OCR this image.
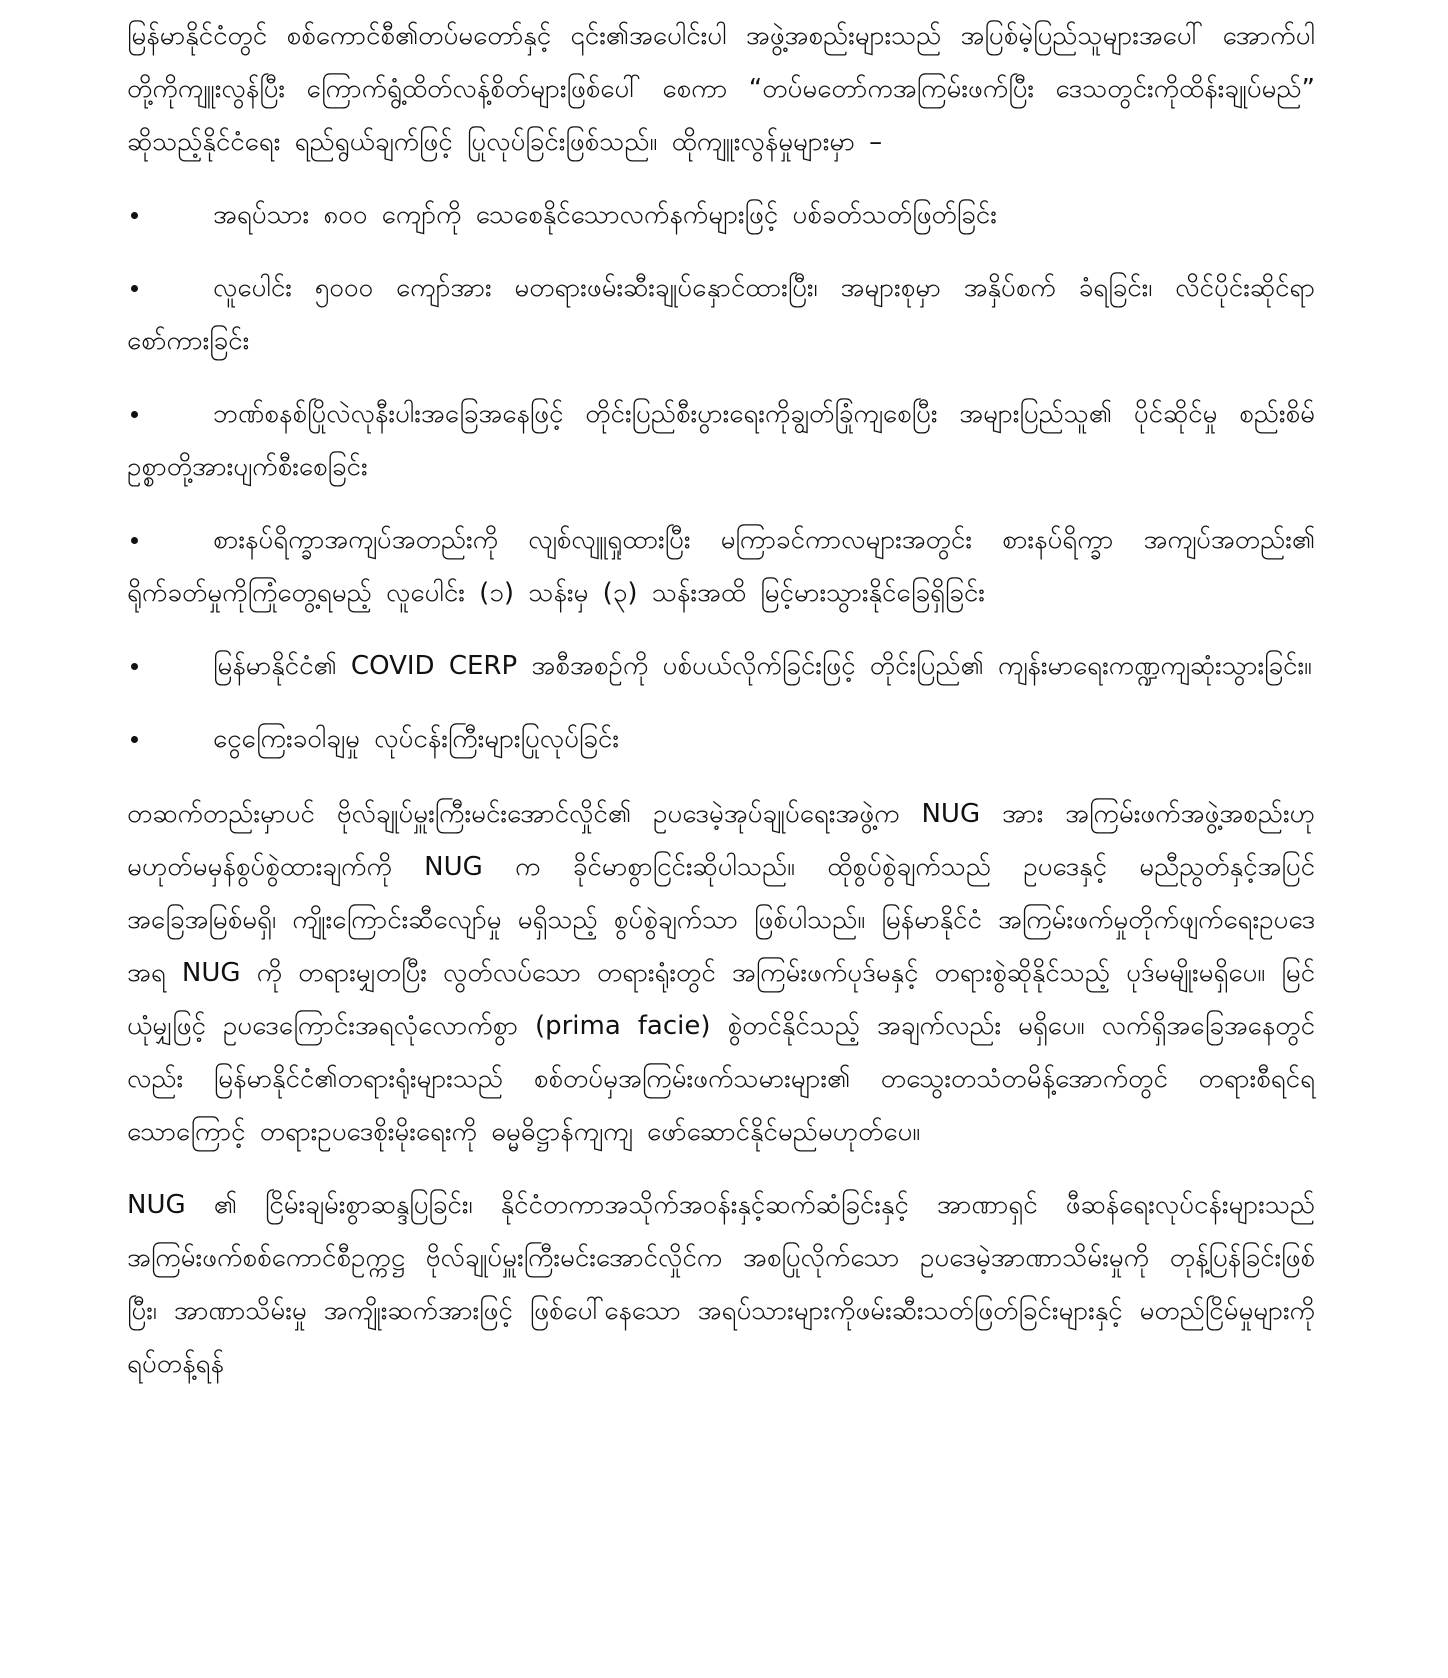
မြန်မာနိုင်ငံတွင် စစ်ကောင်စီ၏တပ်မတော်နှင့် ၎င်း၏အပေါင်းပါ အဖွဲ့အစည်းများသည် အပြစ်မဲ့ပြည်သူများအပေါ် အောက်ပါတို့ကိုကျူးလွန်ပြီး ကြောက်ရွံ့ထိတ်လန့်စိတ်များဖြစ်ပေါ် စေကာ “တပ်မတော်ကအကြမ်းဖက်ပြီး ဒေသတွင်းကိုထိန်းချုပ်မည်” ဆိုသည့်နိုင်ငံရေး ရည်ရွယ်ချက်ဖြင့် ပြုလုပ်ခြင်းဖြစ်သည်။ ထိုကျူးလွန်မှုများမှာ –

အရပ်သား ၈၀၀ ကျော်ကို သေစေနိုင်သောလက်နက်များဖြင့် ပစ်ခတ်သတ်ဖြတ်ခြင်း
လူပေါင်း ၅၀၀၀ ကျော်အား မတရားဖမ်းဆီးချုပ်နှောင်ထားပြီး၊ အများစုမှာ အနှိပ်စက် ခံရခြင်း၊ လိင်ပိုင်းဆိုင်ရာစော်ကားခြင်း
ဘဏ်စနစ်ပြိုလဲလုနီးပါးအခြေအနေဖြင့် တိုင်းပြည်စီးပွားရေးကိုချွတ်ခြုံကျစေပြီး အများပြည်သူ၏ ပိုင်ဆိုင်မှု စည်းစိမ်ဥစ္စာတို့အားပျက်စီးစေခြင်း
စားနပ်ရိက္ခာအကျပ်အတည်းကို လျစ်လျူရှုထားပြီး မကြာခင်ကာလများအတွင်း စားနပ်ရိက္ခာ အကျပ်အတည်း၏ ရိုက်ခတ်မှုကိုကြုံတွေ့ရမည့် လူပေါင်း (၁) သန်းမှ (၃) သန်းအထိ မြင့်မားသွားနိုင်ခြေရှိခြင်း
မြန်မာနိုင်ငံ၏ COVID CERP အစီအစဉ်ကို ပစ်ပယ်လိုက်ခြင်းဖြင့် တိုင်းပြည်၏ ကျန်းမာရေးကဏ္ဍကျဆုံးသွားခြင်း။
ငွေကြေးခဝါချမှု လုပ်ငန်းကြီးများပြုလုပ်ခြင်း

တဆက်တည်းမှာပင် ဗိုလ်ချုပ်မှူးကြီးမင်းအောင်လှိုင်၏ ဥပဒေမဲ့အုပ်ချုပ်ရေးအဖွဲ့က NUG အား အကြမ်းဖက်အဖွဲ့အစည်းဟု မဟုတ်မမှန်စွပ်စွဲထားချက်ကို NUG က ခိုင်မာစွာငြင်းဆိုပါသည်။ ထိုစွပ်စွဲချက်သည် ဥပဒေနှင့် မညီညွတ်နှင့်အပြင် အခြေအမြစ်မရှိ၊ ကျိုးကြောင်းဆီလျော်မှု မရှိသည့် စွပ်စွဲချက်သာ ဖြစ်ပါသည်။ မြန်မာနိုင်ငံ အကြမ်းဖက်မှုတိုက်ဖျက်ရေးဥပဒေအရ NUG ကို တရားမျှတပြီး လွတ်လပ်သော တရားရုံးတွင် အကြမ်းဖက်ပုဒ်မနှင့် တရားစွဲဆိုနိုင်သည့် ပုဒ်မမျိုးမရှိပေ။ မြင်ယုံမျှဖြင့် ဥပဒေကြောင်းအရလုံလောက်စွာ (prima facie) စွဲတင်နိုင်သည့် အချက်လည်း မရှိပေ။ လက်ရှိအခြေအနေတွင်လည်း မြန်မာနိုင်ငံ၏တရားရုံးများသည် စစ်တပ်မှအကြမ်းဖက်သမားများ၏ တသွေးတသံတမိန့်အောက်တွင် တရားစီရင်ရ သောကြောင့် တရားဥပဒေစိုးမိုးရေးကို ဓမ္မဓိဋ္ဌာန်ကျကျ ဖော်ဆောင်နိုင်မည်မဟုတ်ပေ။

NUG ၏ ငြိမ်းချမ်းစွာဆန္ဒပြခြင်း၊ နိုင်ငံတကာအသိုက်အဝန်းနှင့်ဆက်ဆံခြင်းနှင့် အာဏာရှင် ဖီဆန်ရေးလုပ်ငန်းများသည် အကြမ်းဖက်စစ်ကောင်စီဥက္ကဋ္ဌ ဗိုလ်ချုပ်မှူးကြီးမင်းအောင်လှိုင်က အစပြုလိုက်သော ဥပဒေမဲ့အာဏာသိမ်းမှုကို တုန့်ပြန်ခြင်းဖြစ်ပြီး၊ အာဏာသိမ်းမှု အကျိုးဆက်အားဖြင့် ဖြစ်ပေါ်နေသော အရပ်သားများကိုဖမ်းဆီးသတ်ဖြတ်ခြင်းများနှင့် မတည်ငြိမ်မှုများကို ရပ်တန့်ရန်
